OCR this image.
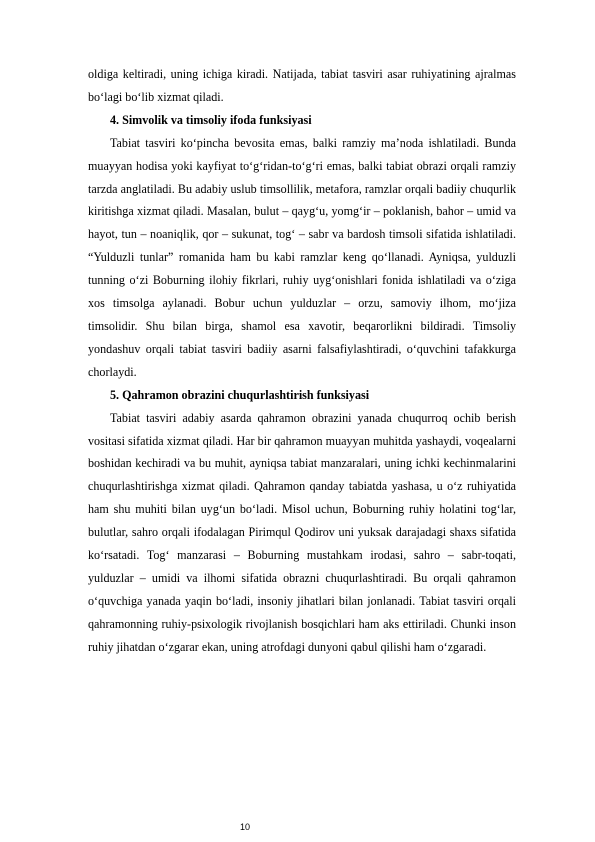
oldiga keltiradi, uning ichiga kiradi. Natijada, tabiat tasviri asar ruhiyatining ajralmas bo‘lagi bo‘lib xizmat qiladi.

4. Simvolik va timsoliy ifoda funksiyasi

Tabiat tasviri ko‘pincha bevosita emas, balki ramziy ma’noda ishlatiladi. Bunda muayyan hodisa yoki kayfiyat to‘g‘ridan-to‘g‘ri emas, balki tabiat obrazi orqali ramziy tarzda anglatiladi. Bu adabiy uslub timsollilik, metafora, ramzlar orqali badiiy chuqurlik kiritishga xizmat qiladi. Masalan, bulut – qayg‘u, yomg‘ir – poklanish, bahor – umid va hayot, tun – noaniqlik, qor – sukunat, tog‘ – sabr va bardosh timsoli sifatida ishlatiladi. “Yulduzli tunlar” romanida ham bu kabi ramzlar keng qo‘llanadi. Ayniqsa, yulduzli tunning o‘zi Boburning ilohiy fikrlari, ruhiy uyg‘onishlari fonida ishlatiladi va o‘ziga xos timsolga aylanadi. Bobur uchun yulduzlar – orzu, samoviy ilhom, mo‘jiza timsolidir. Shu bilan birga, shamol esa xavotir, beqarorlikni bildiradi. Timsoliy yondashuv orqali tabiat tasviri badiiy asarni falsafiylashtiradi, o‘quvchini tafakkurga chorlaydi.

5. Qahramon obrazini chuqurlashtirish funksiyasi

Tabiat tasviri adabiy asarda qahramon obrazini yanada chuqurroq ochib berish vositasi sifatida xizmat qiladi. Har bir qahramon muayyan muhitda yashaydi, voqealarni boshidan kechiradi va bu muhit, ayniqsa tabiat manzaralari, uning ichki kechinmalarini chuqurlashtirishga xizmat qiladi. Qahramon qanday tabiatda yashasa, u o‘z ruhiyatida ham shu muhiti bilan uyg‘un bo‘ladi. Misol uchun, Boburning ruhiy holatini tog‘lar, bulutlar, sahro orqali ifodalagan Pirimqul Qodirov uni yuksak darajadagi shaxs sifatida ko‘rsatadi. Tog‘ manzarasi – Boburning mustahkam irodasi, sahro – sabr-toqati, yulduzlar – umidi va ilhomi sifatida obrazni chuqurlashtiradi. Bu orqali qahramon o‘quvchiga yanada yaqin bo‘ladi, insoniy jihatlari bilan jonlanadi. Tabiat tasviri orqali qahramonning ruhiy-psixologik rivojlanish bosqichlari ham aks ettiriladi. Chunki inson ruhiy jihatdan o‘zgarar ekan, uning atrofdagi dunyoni qabul qilishi ham o‘zgaradi.

10
